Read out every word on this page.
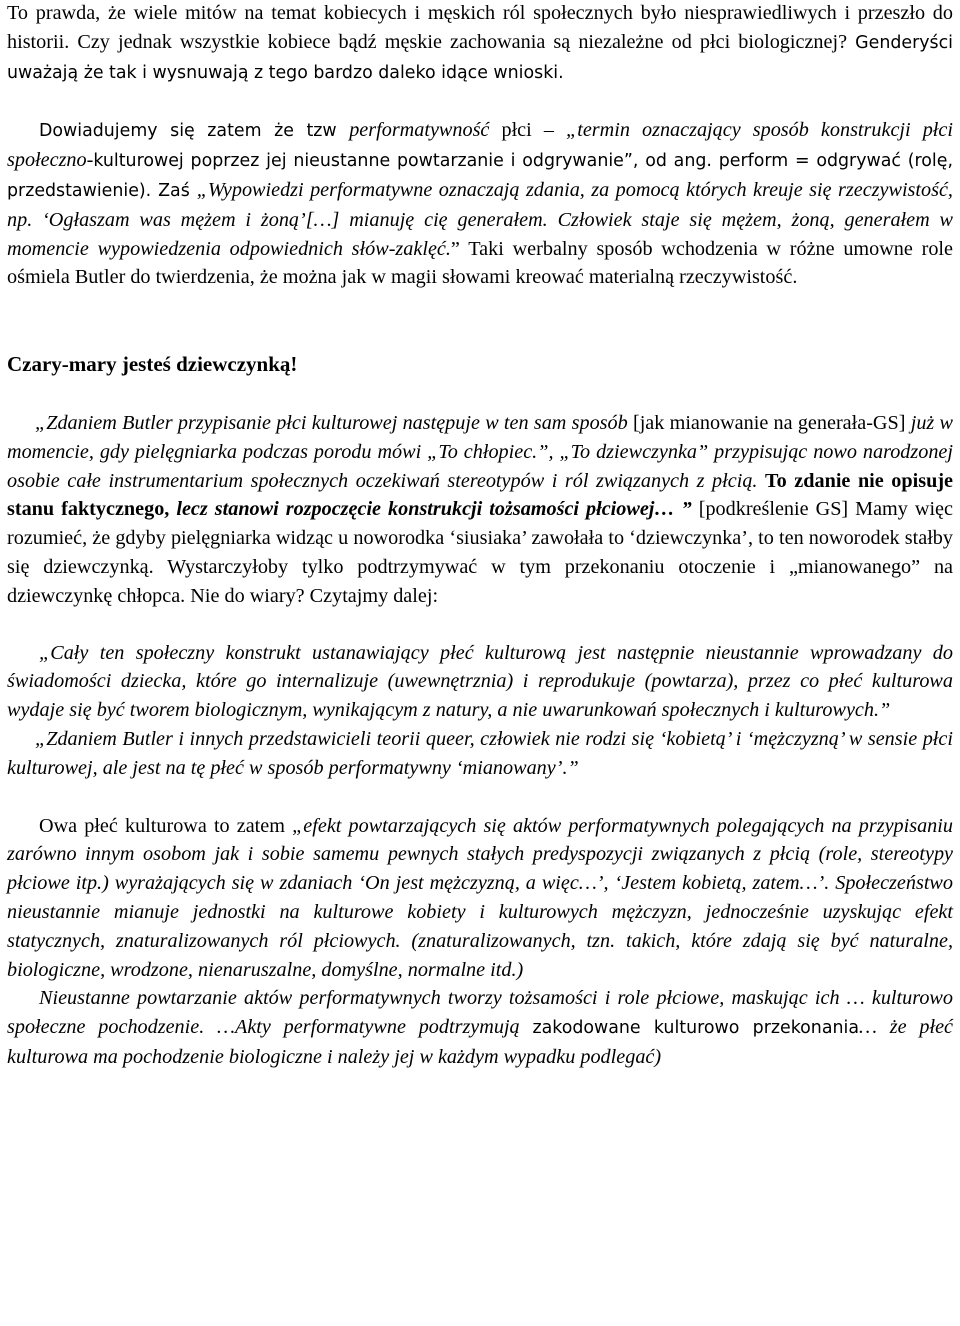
To prawda, że wiele mitów na temat kobiecych i męskich ról społecznych było niesprawiedliwych i przeszło do historii. Czy jednak wszystkie kobiece bądź męskie zachowania są niezależne od płci biologicznej? Genderyści uważają że tak i wysnuwają z tego bardzo daleko idące wnioski.

Dowiadujemy się zatem że tzw performatywność płci – „termin oznaczający sposób konstrukcji płci społeczno-kulturowej poprzez jej nieustanne powtarzanie i odgrywanie”, od ang. perform = odgrywać (rolę, przedstawienie). Zaś „Wypowiedzi performatywne oznaczają zdania, za pomocą których kreuje się rzeczywistość, np. ‘Ogłaszam was mężem i żoną’[…] mianuję cię generałem. Człowiek staje się mężem, żoną, generałem w momencie wypowiedzenia odpowiednich słów-zaklęć.” Taki werbalny sposób wchodzenia w różne umowne role ośmiela Butler do twierdzenia, że można jak w magii słowami kreować materialną rzeczywistość.

Czary-mary jesteś dziewczynką!

„Zdaniem Butler przypisanie płci kulturowej następuje w ten sam sposób [jak mianowanie na generała-GS] już w momencie, gdy pielęgniarka podczas porodu mówi „To chłopiec.”, „To dziewczynka” przypisując nowo narodzonej osobie całe instrumentarium społecznych oczekiwań stereotypów i ról związanych z płcią. To zdanie nie opisuje stanu faktycznego, lecz stanowi rozpoczęcie konstrukcji tożsamości płciowej… ” [podkreślenie GS] Mamy więc rozumieć, że gdyby pielęgniarka widząc u noworodka ‘siusiaka’ zawołała to ‘dziewczynka’, to ten noworodek stałby się dziewczynką. Wystarczyłoby tylko podtrzymywać w tym przekonaniu otoczenie i „mianowanego” na dziewczynkę chłopca. Nie do wiary? Czytajmy dalej:

„Cały ten społeczny konstrukt ustanawiający płeć kulturową jest następnie nieustannie wprowadzany do świadomości dziecka, które go internalizuje (uwewnętrznia) i reprodukuje (powtarza), przez co płeć kulturowa wydaje się być tworem biologicznym, wynikającym z natury, a nie uwarunkowań społecznych i kulturowych.”

„Zdaniem Butler i innych przedstawicieli teorii queer, człowiek nie rodzi się ‘kobietą’ i ‘mężczyzną’ w sensie płci kulturowej, ale jest na tę płeć w sposób performatywny ‘mianowany’.”

Owa płeć kulturowa to zatem „efekt powtarzających się aktów performatywnych polegających na przypisaniu zarówno innym osobom jak i sobie samemu pewnych stałych predyspozycji związanych z płcią (role, stereotypy płciowe itp.) wyrażających się w zdaniach ‘On jest mężczyzną, a więc…’, ‘Jestem kobietą, zatem…’. Społeczeństwo nieustannie mianuje jednostki na kulturowe kobiety i kulturowych mężczyzn, jednocześnie uzyskując efekt statycznych, znaturalizowanych ról płciowych. (znaturalizowanych, tzn. takich, które zdają się być naturalne, biologiczne, wrodzone, nienaruszalne, domyślne, normalne itd.)

Nieustanne powtarzanie aktów performatywnych tworzy tożsamości i role płciowe, maskując ich … kulturowo społeczne pochodzenie. …Akty performatywne podtrzymują zakodowane kulturowo przekonania… że płeć kulturowa ma pochodzenie biologiczne i należy jej w każdym wypadku podlegać)
